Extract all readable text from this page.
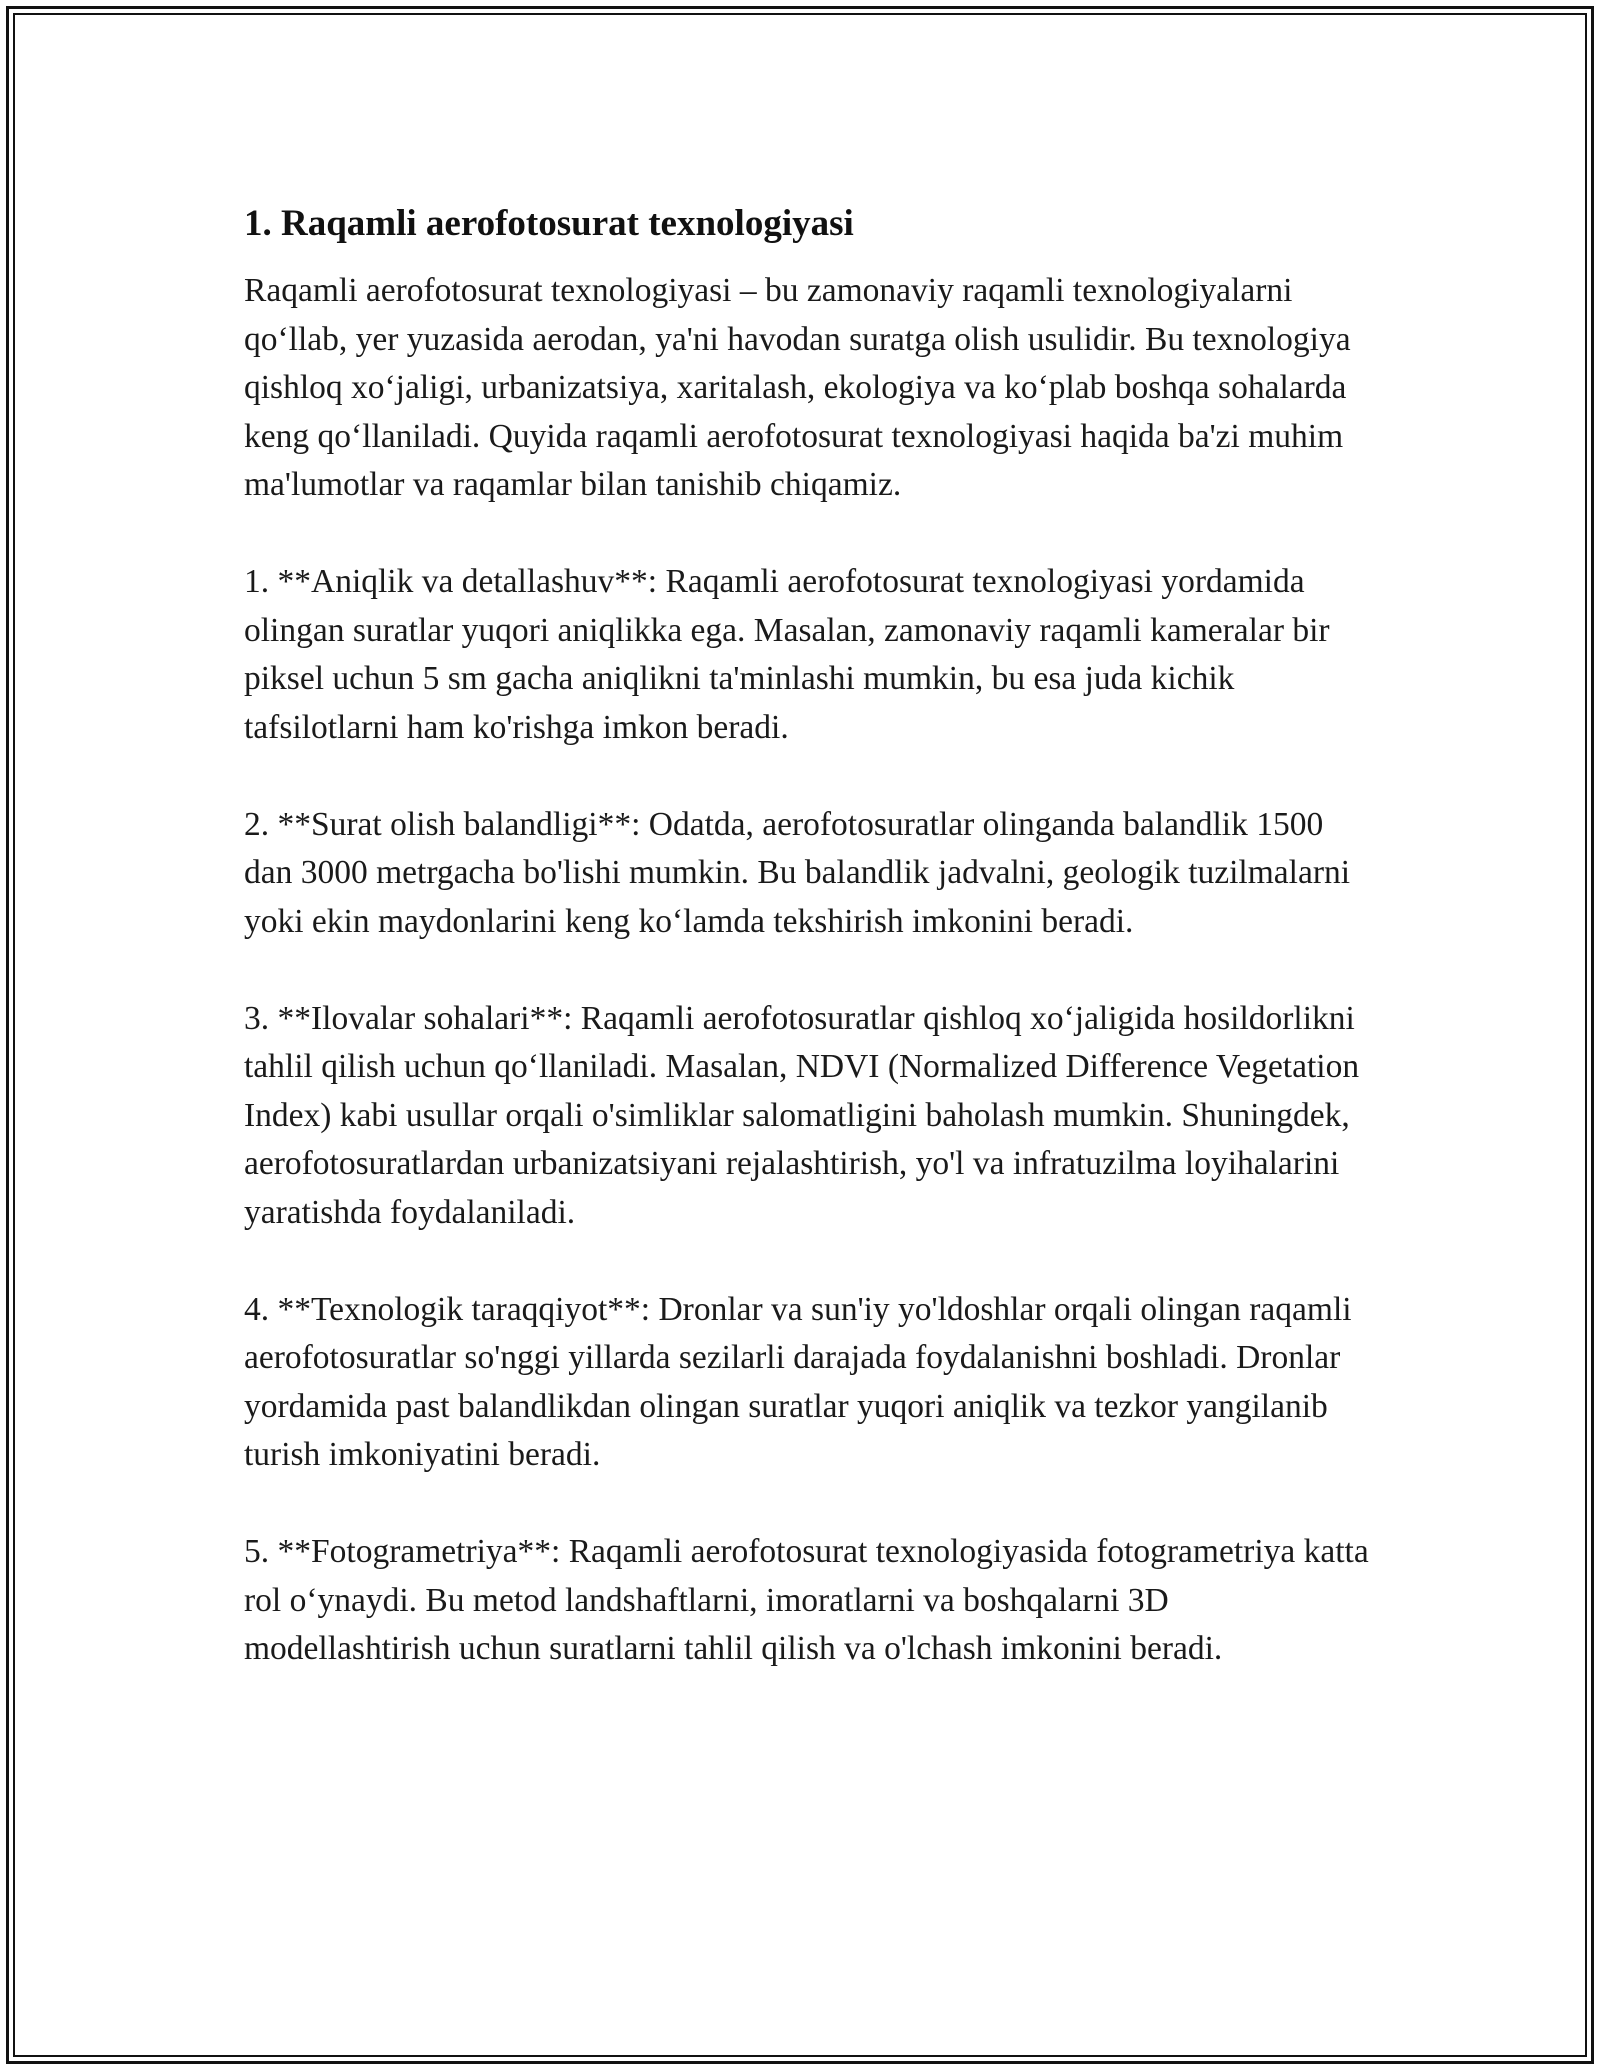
1. Raqamli aerofotosurat texnologiyasi

Raqamli aerofotosurat texnologiyasi – bu zamonaviy raqamli texnologiyalarni qo‘llab, yer yuzasida aerodan, ya'ni havodan suratga olish usulidir. Bu texnologiya qishloq xo‘jaligi, urbanizatsiya, xaritalash, ekologiya va ko‘plab boshqa sohalarda keng qo‘llaniladi. Quyida raqamli aerofotosurat texnologiyasi haqida ba'zi muhim ma'lumotlar va raqamlar bilan tanishib chiqamiz.

1. **Aniqlik va detallashuv**: Raqamli aerofotosurat texnologiyasi yordamida olingan suratlar yuqori aniqlikka ega. Masalan, zamonaviy raqamli kameralar bir piksel uchun 5 sm gacha aniqlikni ta'minlashi mumkin, bu esa juda kichik tafsilotlarni ham ko'rishga imkon beradi.

2. **Surat olish balandligi**: Odatda, aerofotosuratlar olinganda balandlik 1500 dan 3000 metrgacha bo'lishi mumkin. Bu balandlik jadvalni, geologik tuzilmalarni yoki ekin maydonlarini keng ko‘lamda tekshirish imkonini beradi.

3. **Ilovalar sohalari**: Raqamli aerofotosuratlar qishloq xo‘jaligida hosildorlikni tahlil qilish uchun qo‘llaniladi. Masalan, NDVI (Normalized Difference Vegetation Index) kabi usullar orqali o'simliklar salomatligini baholash mumkin. Shuningdek, aerofotosuratlardan urbanizatsiyani rejalashtirish, yo'l va infratuzilma loyihalarini yaratishda foydalaniladi.

4. **Texnologik taraqqiyot**: Dronlar va sun'iy yo'ldoshlar orqali olingan raqamli aerofotosuratlar so'nggi yillarda sezilarli darajada foydalanishni boshladi. Dronlar yordamida past balandlikdan olingan suratlar yuqori aniqlik va tezkor yangilanib turish imkoniyatini beradi.

5. **Fotogrametriya**: Raqamli aerofotosurat texnologiyasida fotogrametriya katta rol o‘ynaydi. Bu metod landshaftlarni, imoratlarni va boshqalarni 3D modellashtirish uchun suratlarni tahlil qilish va o'lchash imkonini beradi.
